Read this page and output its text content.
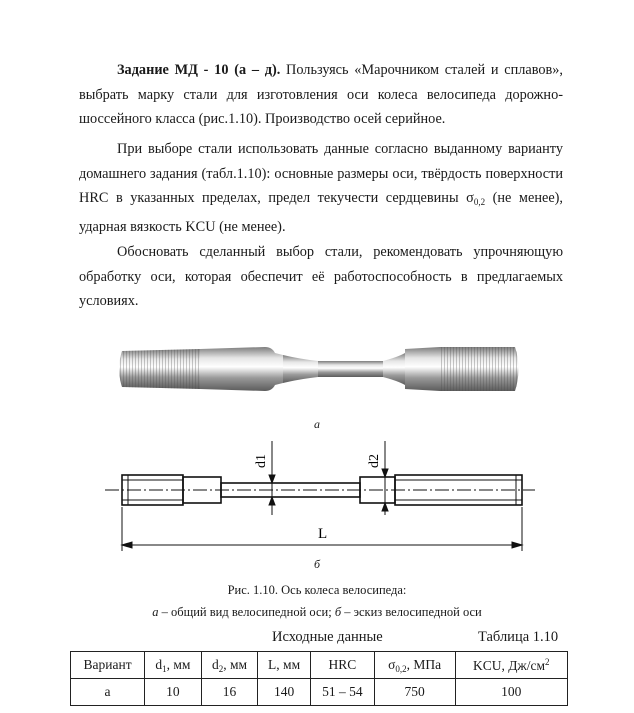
Задание МД - 10 (а – д). Пользуясь «Марочником сталей и сплавов», выбрать марку стали для изготовления оси колеса велосипеда дорожно-шоссейного класса (рис.1.10). Производство осей серийное.
При выборе стали использовать данные согласно выданному варианту домашнего задания (табл.1.10): основные размеры оси, твёрдость поверхности HRC в указанных пределах, предел текучести сердцевины $\sigma_{0,2}$ (не менее), ударная вязкость KCU (не менее).
Обосновать сделанный выбор стали, рекомендовать упрочняющую обработку оси, которая обеспечит её работоспособность в предлагаемых условиях.
а
d1	d2
L
б
Рис. 1.10. Ось колеса велосипеда:
а – общий вид велосипедной оси; б – эскиз велосипедной оси
Исходные данные	Таблица 1.10
Вариант	$d_1$, мм	$d_2$, мм	L, мм	HRC	$\sigma_{0,2}$, МПа	KCU, $Дж/см^2$
а	10	16	140	51 – 54	750	100
